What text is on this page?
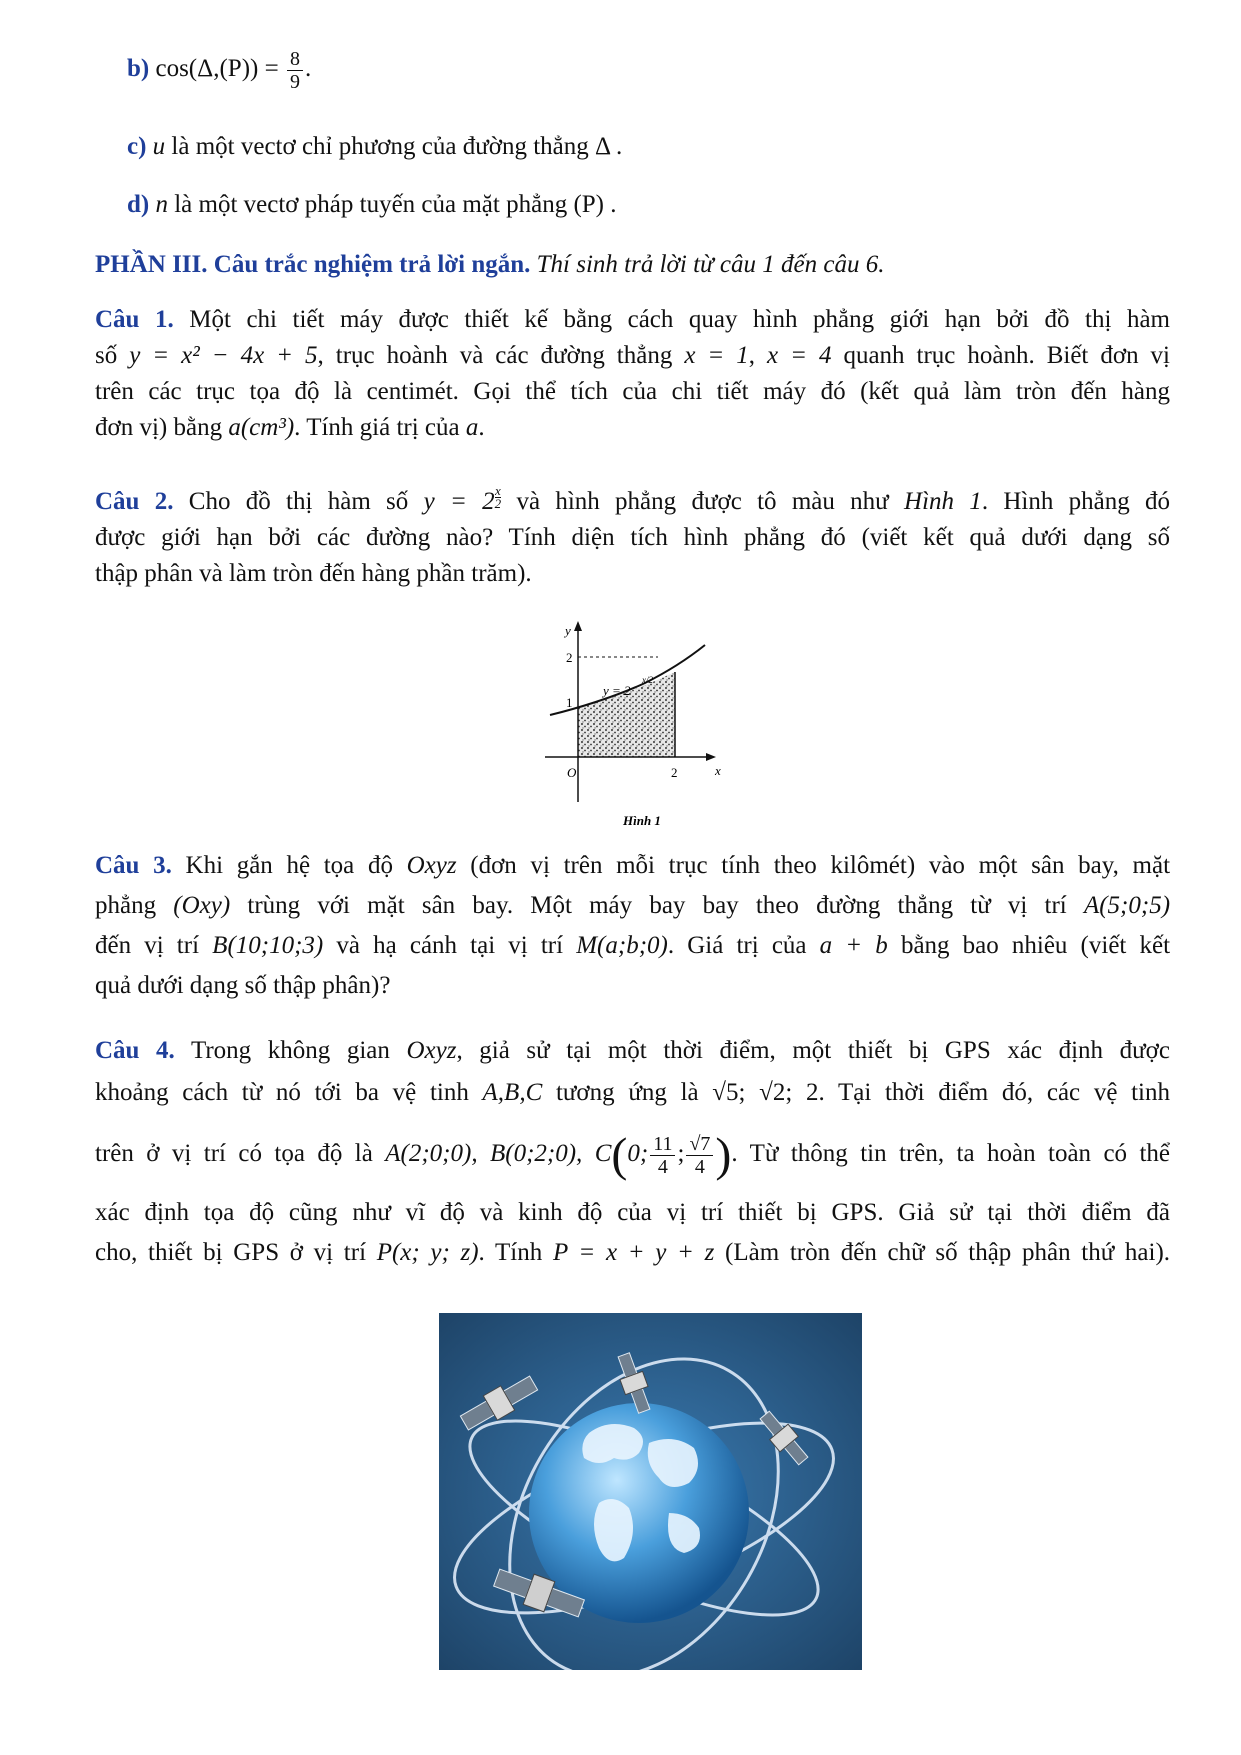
b) $\cos(\Delta,(P)) = \frac{8}{9}$ .
c) u là một vectơ chỉ phương của đường thẳng Δ .
d) n là một vectơ pháp tuyến của mặt phẳng (P) .
PHẦN III. Câu trắc nghiệm trả lời ngắn. Thí sinh trả lời từ câu 1 đến câu 6.
Câu 1. Một chi tiết máy được thiết kế bằng cách quay hình phẳng giới hạn bởi đồ thị hàm
số y = x² − 4x + 5, trục hoành và các đường thẳng x = 1, x = 4 quanh trục hoành. Biết đơn vị
trên các trục tọa độ là centimét. Gọi thể tích của chi tiết máy đó (kết quả làm tròn đến hàng
đơn vị) bằng a(cm³). Tính giá trị của a.
Câu 2. Cho đồ thị hàm số y = 2 $^{\frac{x}{2}}$ và hình phẳng được tô màu như Hình 1. Hình phẳng đó
được giới hạn bởi các đường nào? Tính diện tích hình phẳng đó (viết kết quả dưới dạng số
thập phân và làm tròn đến hàng phần trăm).
y
x
O
2
1
2
y = 2
x/2
Hình 1
Câu 3. Khi gắn hệ tọa độ Oxyz (đơn vị trên mỗi trục tính theo kilômét) vào một sân bay, mặt
phẳng (Oxy) trùng với mặt sân bay. Một máy bay bay theo đường thẳng từ vị trí A(5;0;5)
đến vị trí B(10;10;3) và hạ cánh tại vị trí M(a;b;0). Giá trị của a + b bằng bao nhiêu (viết kết
quả dưới dạng số thập phân)?
Câu 4. Trong không gian Oxyz, giả sử tại một thời điểm, một thiết bị GPS xác định được
khoảng cách từ nó tới ba vệ tinh A,B,C tương ứng là √5; √2; 2. Tại thời điểm đó, các vệ tinh
trên ở vị trí có tọa độ là A(2;0;0), B(0;2;0), C(0; $\frac{11}{4}$ ; $\frac{√7}{4}$ ). Từ thông tin trên, ta hoàn toàn có thể
xác định tọa độ cũng như vĩ độ và kinh độ của vị trí thiết bị GPS. Giả sử tại thời điểm đã
cho, thiết bị GPS ở vị trí P(x; y; z). Tính P = x + y + z (Làm tròn đến chữ số thập phân thứ hai).
